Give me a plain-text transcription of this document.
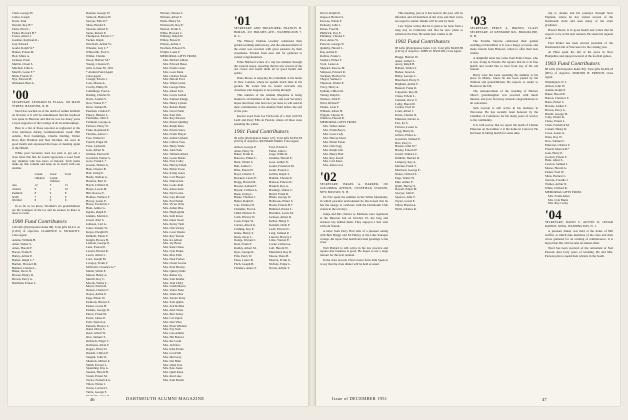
Clark, George H.
Cutler, Joseph
Davis, Paul
Durrell, Roy B.*
Field, Ward C.
Fisher, Howard B.*
Foster, Albert J.
Gardner, Raymond L.
Gay, Edward
Gould, Ralph W.*
Haines, Edson M.
Holt, Miles A.
Jackson, Earle
Melvin, Owen S.
Mitchell, John A.
Morrill, Lester T.*
Nims, Francis E.
Nye, Edward H.
Olmstead, Burt A.
'00
SECRETARY, LEONARD M. FLAGG, 182 MAIN STREET, HANOVER, N. H.

Word has reached us of the death of Arthur Kimball on October 4. It will be remembered that his boyhood was spent in Hanover and that he was for many years a loyal supporter of the College in all its undertakings.

Here is a list of those reported as registered at the class luncheon during Commencement week: Bill Adams, Fred Cummings, Charlie Darling, Walter Dow, Bert Harmon and Ned Worthen. All were in good health and expressed the hope of meeting again at the fiftieth.

While your Secretary does not plan to get out a class letter this fall, he would appreciate a word from any member who has news of interest. Such items make up this column and keep us in touch with one another.

Grand-children
Great Grand-children
Total
Aus.	12	3	15
Jenkins	9	1	10
Paddock	8	0	8
Smith	7	2	9
Worthen	6	0	6

In so far as we know, Worthen's six grandchildren are the youngest of the lot, and he assures us there is more to come.

1900 Fund Contributors
126 Gifts (Participation Index 98). Total gifts $2,411 on (110%) of objective. CLARENCE G. MCDAVITT, Class Agent.
Adams, William H.
Allen, Walter S.
Ames, Harold F.
Bacon, Frank E.
Bailey, Arthur P.
Barker, Ralph C.*
Bartlett, Howard M.
Bennett, Charles L.
Blake, Oscar N.
Bowen, Henry D.
Brown, Percy A.
Burnham, Ernest L.
Rounds, George W.
Sanborn, Hudson H.
Sawyer, Ellis D.*
Shaw, Harold T.
Stevens, Alfred E.
Stone, Robert P.
Thompson, Edwin C.*
Tucker, Ralph
Wardwell, Arthur W.
Wheeler, Guy L.*
Whitcomb, Fred S.
Wilder, Charles
Wood, Herbert M.*
Young, Clarence E.
Gifts to June 30, 1951
* Alumni Fund Agent
Class Agent
Clough, Edwin J.
Cole, Mason A.
Crosby, Philip H.
Cummings, Fred A.
Darling, Charles W.
Davis, Leland S.
Dow, Walter E.*
Drew, Samuel B.
Eastman, Clinton F.
Emery, Herbert L.
Fairbanks, John T.
Farnham, George A.
Fellows, Harry W.
Fiske, Raymond E.
Fletcher, Amos C.
Foss, Willard J.
French, Edgar M.
Frost, Lyman R.
Gale, Albert N.
Gilman, Edward P.
Goodrich, Walter S.
Gove, Frank L.*
Greene, Homer A.
Hale, Chester B.
Hall, Irving E.
Hardy, Nathan G.
Harmon, Bert O.
Hatch, Clifford D.
Hayes, Lewis M.
Hill, Roscoe F.
Holmes, Wallace T.
Hovey, Lester E.
Howe, Frederick J.
Hunt, Arthur G.
Ingalls, Ralph E.
Jenkins, Martin C.
Jewett, Paul S.
Johnson, Carl A.
Jones, Stanley W.
Keyes, Dwight H.
Kimball, Elmer F.
Knight, Horace B.
Lamson, George E.
Lane, Everett P.
Leavitt, Harold R.
Lewis, Albert C.
Lord, Joseph M.
Lovejoy, Frank T.
McDavitt, Clarence G.*
Marsh, Willis E.
Mason, Henry A.
Merrill, Roy C.
Moody, Walter L.
Morse, Edwin R.
Nelson, Charles F.
Noyes, Arthur P.
Page, Elmer W.
Paddock, Burton S.
Parker, Lewis H.
Perkins, George D.
Pierce, Frank M.
Porter, James E.
Pratt, Warren A.
Putnam, Horace L.
Rand, Oliver S.
Reed, Albert W.
Rice, Samuel T.
Richards, Edgar C.
Robinson, Allan F.
Rogers, Harry D.
Russell, Clifton E.
Sargent, John W.
Shattuck, Milton P.
Smith, Everett L.
Spaulding, Ray A.
Stearns, Harold B.
Swain, Ernest M.
Taylor, Frederick G.
Tilton, Walter J.
Towle, Lucius D.
Tuttle, George F.
Warren, Chester L.
Webster, Albert T.
Wells, Henry M.
Wentworth, Roy E.
Weston, Frank S.
White, Howard C.
Whitney, Ralph D.
Willey, Ernest P.
Wilson, Arthur J.
Worthen, Edward N.
Wright, Louis F.
MEMORIAL GIFTS FROM:
Mrs. Herbert Abbott
Mrs. Edward Bates
Mrs. Frank Carter
Mrs. Leon Dana
Mrs. Charles Eaton
Mrs. Harold Ford
Mrs. Walter Grant
Mrs. George Hale
Mrs. Albert Ives
Mrs. Lewis Jordan
Mrs. Samuel Knapp
Mrs. Henry Lyman
Mrs. Robert Mann
Mrs. Oscar Nash
Mrs. Paul Otis
Mrs. Roy Parsons
Mrs. Ernest Quimby
Mrs. Ralph Ross
Mrs. Edwin Snow
Mrs. Frank Thayer
Mrs. Arthur Upham
Mrs. Clifton Vose
Mrs. Harry Wade
Mrs. John York
Mrs. William Allard
Mrs. Lester Burns
Mrs. Fred Colby
Mrs. Harvey Dunn
Mrs. Elmer Foote
Mrs. Irving Gates
Mrs. Carl Hooper
Mrs. Warren Ide
Mrs. Louis Judd
Mrs. Amos Kent
Mrs. Ned Locke
Mrs. Guy Morton
Mrs. Earl Noble
Mrs. Victor Orne
Mrs. Alden Pike
Mrs. Hugh Quint
Mrs. Seth Rowe
Mrs. Dana Swett
Mrs. Perley Tash
Mrs. Otis Varney
Mrs. Leon Weeks
Mrs. Roy Yeaton
Mrs. Ira Abbott
Mrs. Jay Berry
Mrs. Kent Chase
Mrs. Lyle Drake
Mrs. Max Ellis
Mrs. Neal Forbes
Mrs. Owen Grover
Mrs. Pratt Hersey
Mrs. Quincy Innis
Mrs. Rufus Joy
Mrs. Saul Kidder
Mrs. Tom Libby
Mrs. Uriah Moore
Mrs. Vance Nute
Mrs. Wade Ober
Mrs. Xavier Perry
Mrs. Yale Quinn
Mrs. Zeb Rollins
Mrs. Abel Stone
Mrs. Bert Tobey
Mrs. Cal Upton
Mrs. Dan Viles
Mrs. Eben Whitten
Mrs. Fay York
Mrs. Gus Adams
Mrs. Hal Brewer
Mrs. Ike Cram
Mrs. Jed Dow
Mrs. Kirk Evans
Mrs. Lon Flint
Mrs. Mel Gray
Mrs. Nat Hunt
Mrs. Obed Ives
Mrs. Pete Jones
Mrs. Quill Kane
Mrs. Reu Lake
Mrs. Sam Marsh
'01
SECRETARY AND TREASURER, FRANCIS H. HORAN, 215 HOLMES AVE., WASHINGTON 7, D. C.

The History Fashion recently celebrated their golden wedding anniversary, and the announcement of the event was received with great pleasure by their classmates. Friends from near and far gathered to extend congratulations.

Ernie Hubbard writes of a trip last summer through the western states, reporting that he saw several of the old crowd and found them all in good health and spirits.

Dana Moore is enjoying his retirement at his home in New London, where he spends much time in his garden. He writes that he would welcome any classmate who happens to be passing through.

This number of the Alumni Magazine is being mailed to all members of the class, and your Secretary hopes that those who have not yet done so will send in their contributions to the Alumni Fund before the end of the year.

Recent word from Joe Fitch tells of a visit with Ed Ladd and Perry Ellis in Florida, where all three were spending the winter.

1901 Fund Contributors
99 Gifts (Participation Index 127). Total gifts $2,952.83 (104%) of objective. RICHARD WARD, Class Agent.
Abbott, George P.
Allen, Harry W.
Baker, Frank R.
Barrows, Elmer L.
Bean, Walter S.
Bell, Arthur C.
Bliss, Ernest H.
Boyd, Charles T.
Brackett, Lewis E.
Bragg, Harold M.
Brooks, Samuel F.
Bryant, Clifford A.
Buck, Irving L.
Burke, Thomas J.
Butler, Ralph E.
Carr, Wallace H.
Chandler, Fred A.
Child, Herbert N.
Cobb, Harvey D.
Cook, Edgar W.
Currier, Alfred G.
Cushing, Roy P.
Dame, Henry S.
Dean, Oscar L.
Dodge, Warren C.
Dole, Frank E.
Dudley, Albert M.
Dyer, George R.
Ellis, Perry W.
Estes, Lester B.
Fitch, Joseph H.
Flanders, Amos T.
Ford, Edwin S.
Fuller, John C.
Gage, Willis R.
Glidden, Harold E.
Goss, Arthur N.
Gould, Frederick M.
Grant, Everett J.
Griffin, Ralph T.
Hamlin, Charles P.
Hanson, Edward L.
Haskell, Roy A.
Hastings, Walter C.
Heald, Frank D.
Hinds, George W.
Holbrook, Elmer S.
Horan, Francis H.*
Hubbard, Ernest L.
Hutchins, Lewis M.
Jackson, Albert R.
Kelley, Henry T.
Kendall, Orrin F.
Ladd, Edward C.
Lang, Samuel P.
Lincoln, Harvey J.
Little, Warren E.
Locke, Clinton A.
Lull, Harold W.
Mansfield, Roy D.
Moore, Dana B.
Morton, Frank G.
Nichols, Edgar L.
Norris, Arthur T.
DARTMOUTH ALUMNI MAGAZINE
46
Olcott, Ralph D.
Osgood, Herbert S.
Parsons, Walter F.
Peabody, John L.
Pettee, Fred M.
Philbrick, Roy E.
Plummer, Charles T.
Poor, Amos W.
Prescott, George N.
Quimby, Harold L.
Ray, Arthur E.
Rollins, Frank C.
Sanders, Elmer T.
Scott, Lester A.
Shepard, Roscoe M.
Simpson, Edward R.
Stickney, Herbert W.
Thayer, Samuel J.
Thurston, Walter E.
Tracy, Harry A.
Upham, Clifford P.
Varney, Ralph L.
Wallace, John E.
Ward, Richard*
Weeks, Leon F.
Whitten, Albert H.
Wiggin, Chester D.
Winslow, Harold R.
MEMORIAL GIFTS FROM:
Mrs. Walter Ames
Mrs. Frank Boyce
Mrs. Leon Cady
Mrs. Harvey Drew
Mrs. Elmer Eaton
Mrs. Otis Fogg
Mrs. Ralph Gile
Mrs. Henry Hall
Mrs. Roy Jewell
Mrs. Carl Knox
Mrs. Amos Low
'02
SECRETARY, ISRAEL A. BARKER, 130 GOLUMBIA AVENUE, LYNNFIELD STATION, NEW BOSTON, N. H.

Ira Farr spent the summer in the White Mountains, in which peaceful environment he discovered that he has the energy to celebrate with the Dartmouth Club events in the old days.

Judge and Mrs. Dexter A. Emmons were registered at the Hanover Inn on October 25, the long and arduous trip behind them. They enjoyed a fine visit with old friends.

A letter from Perry Hart tells of a pleasant outing with Bert Briggs and Ed Hurley at the Lake Sunapee cottage. All report fine health and send greetings to the class.

Walt Ballard is still active in his law practice and reports that business is good. He hopes to see a large turnout for the next reunion.

In the class records I find a letter from John Spencer to say that the class dinner will be held as usual.

This meeting, just as it has been in the past, will be informal, and all members of the class and their wives are urged to attend. Details will be sent by mail.

Lew Taylor writes that he is glad to be back from a long stay in California and that he now plans to remain in the East. He sends best wishes to all.

1902 Fund Contributors
68 Gifts (Participation Index 111). Total gifts $9,903.89 (141%) of objective. JOHN W. HASTON, Class Agent.
Briggs, Herbert W.
Ames, Gilbert L.
Avery, Ralph H.
Ballard, Walter S.
Barker, Israel A.
Bixby, George C.
Blanchard, Harry E.
Brigham, Arthur F.
Buzzell, Frank D.
Carpenter, Roy M.
Chase, Edwin L.
Clement, Oscar T.
Colby, Harold P.
Corliss, Fred W.
Cram, Albert J.
Davis, Charles N.
Emmons, Dexter A.
Farr, Ira S.
Fellows, Lester G.
Fogg, Henry R.
Gilbert, Elmer A.
Goodwin, Samuel E.
Hart, Perry L.
Haston, John W.*
Hurley, Edward F.
Jewell, Wallace C.
Kimball, Herbert D.
Lamprey, Roy A.
Marden, Frank T.
Morrison, George E.
Nutter, Clifford L.
Page, Walter H.
Pike, Arthur E.
Quint, Harvey S.
Rowell, Edgar M.
Sawyer, John F.
Spencer, John T.
Taylor, Lewis E.
Tilton, Harold A.
Wells, Charles R.
'03
SECRETARY, PERCY A. BROWN, CLASS SECRETARY, 43 KENMORE RD., BROOKLINE, N. H.

The Freddie Stevens celebrated their golden wedding on December 4. It was a happy occasion, and many friends from Hanover called to offer their best wishes.

A delightful letter has come from Ernie Chase, who is now living in Florida. He reports that he is in fine health and would like to hear from any of his old friends.

Harry Gale has been spending the summer at his place in Maine, where he has been joined by his children and grandchildren. He expects to return to Boston in the fall.

The announcement of the wedding of Herbert Shaw's granddaughter was received with much interest, and your Secretary extends congratulations to all concerned.

Sam Lawton is still active in his business in Worcester. He has recently been honored by the Chamber of Commerce for his many years of service to the community.

It is with sorrow that we report the death of Charlie Emerson on November 2 at his home in Concord. He had been in failing health for some time.

trip to Alaska and his journeys through New England, where he has visited several of the Dartmouth clubs and seen many of the older graduates.

Harold Morse is in good health and writes that he expects to be at the next reunion. He sends his regards to all.

Fred Parker has been elected president of the Dartmouth Club of Worcester for the coming year.

Al Hunt spent the fall at his place in New Hampshire and enjoyed several of the football games.

1903 Fund Contributors
68 Gifts (Participation Index 80). Total gifts $2,402.23 (80%) of objective. MORTON B. FRENCH, Class Agent.
Washington, N. J.
Abbott, John W.
Adams, Ralph P.
Baker, Harold E.
Barton, Clarence F.
Bates, Elmer S.
Bowles, Arthur T.
Brown, Percy A.
Burrill, George H.
Cady, Walter R.
Chase, Ernest L.
Clark, Frederick M.
Conant, Henry D.
Cross, Lester A.
Dana, Roy W.
Dow, Samuel C.
Emerson, Charles T.
French, Morton B.*
Gale, Harry E.
Gordon, Edwin F.
Hunt, Albert L.
Lawton, Samuel J.
Morse, Harold A.
Parker, Fred W.
Shaw, Herbert C.
Stevens, Freddie J.
Walker, Arthur N.
White, Clifford R.
MEMORIAL GIFTS FROM:
Mrs. Frank Ames
Mrs. Lyle Burns
Mrs. Roy Colby
'04
SECRETARY, DAVID S. AUSTIN II, CEDAR RAPIDS, IOWA. WASHINGTON, N. J.

A pleasant dinner was held at the home of Bill Griffin, at which nine members of the class and their wives gathered for an evening of reminiscence. It is hoped that this will become an annual affair.

Word has been received of the retirement of Ned Parsons after forty years of teaching. He and Mrs. Parsons plan to spend their winters in the South.

Issue of DECEMBER 1951	47
